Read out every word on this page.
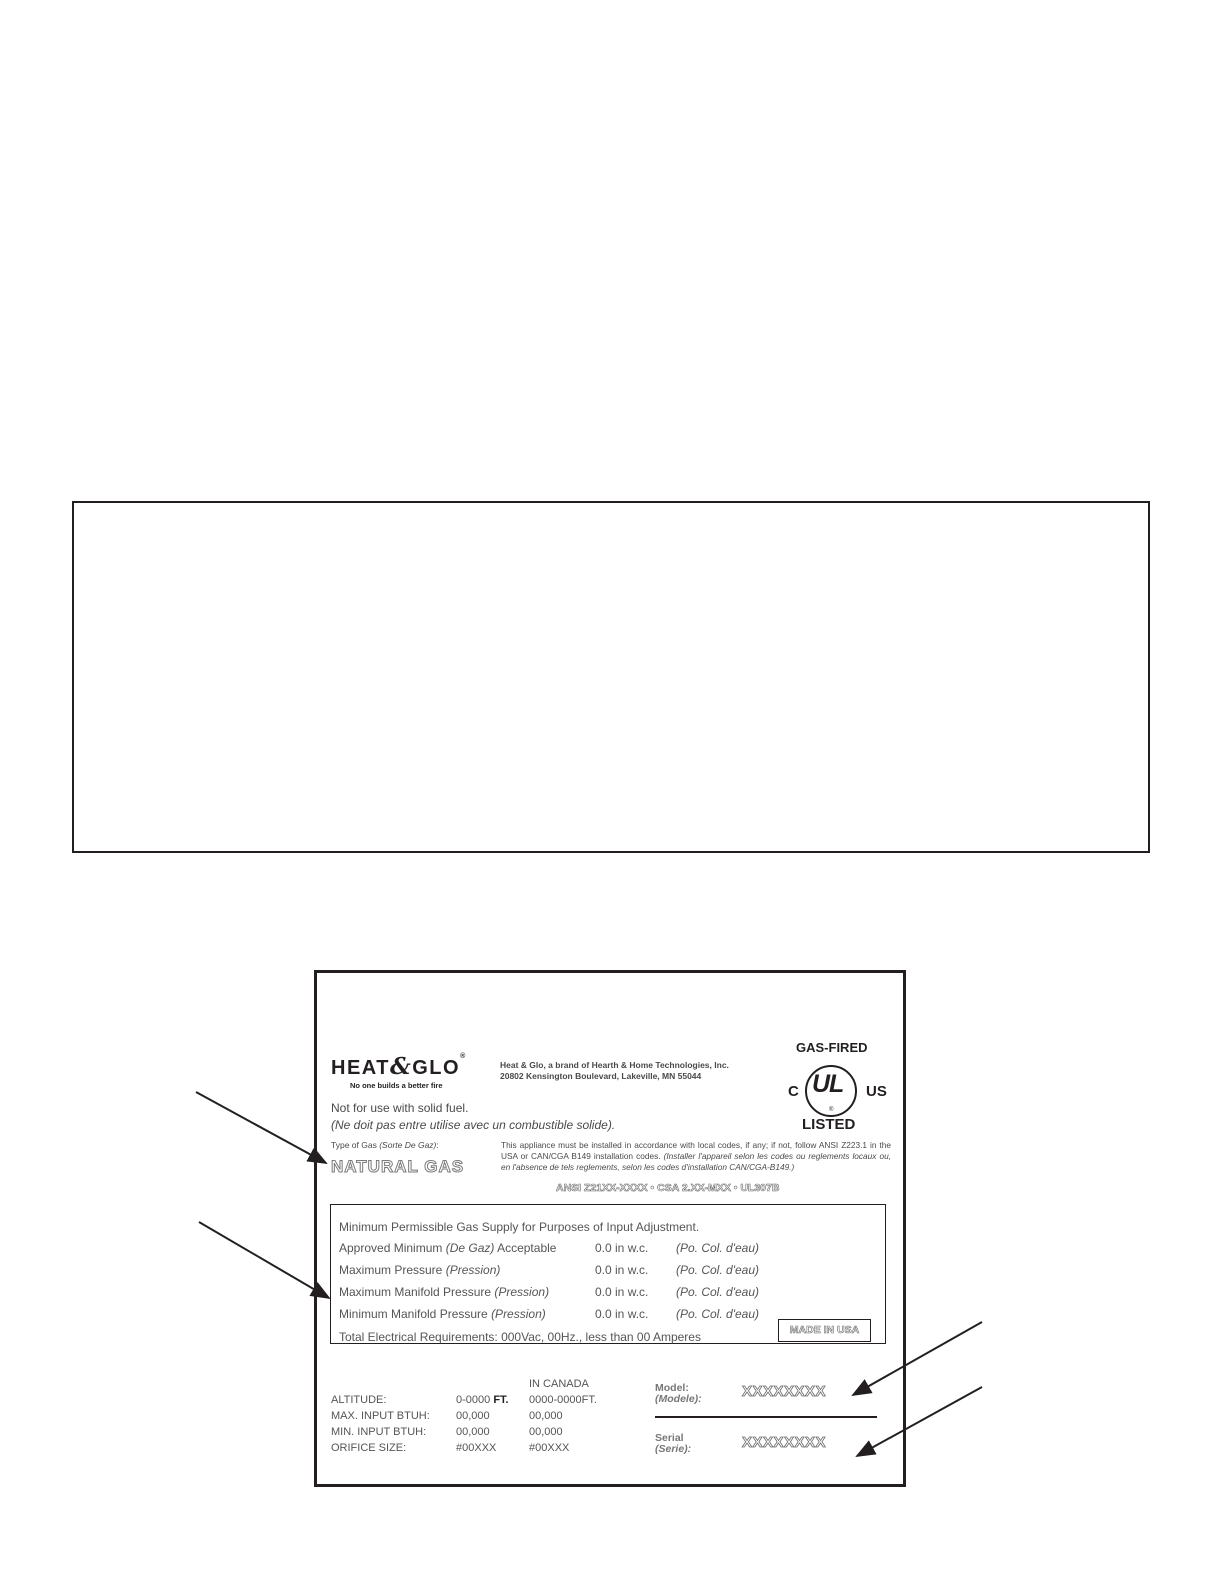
HEAT&GLO®
No one builds a better fire
Heat & Glo, a brand of Hearth & Home Technologies, Inc.
20802 Kensington Boulevard, Lakeville, MN 55044
GAS-FIRED
C UL
®
US
LISTED
Not for use with solid fuel.
(Ne doit pas entre utilise avec un combustible solide).
Type of Gas (Sorte De Gaz):
NATURAL GAS
This appliance must be installed in accordance with local codes, if any; if not, follow ANSI Z223.1 in the USA or CAN/CGA B149 installation codes. (Installer l'appareil selon les codes ou reglements locaux ou, en l'absence de tels reglements, selon les codes d'installation CAN/CGA-B149.)
ANSI Z21XX-XXXX • CSA 2.XX-MXX • UL307B
Minimum Permissible Gas Supply for Purposes of Input Adjustment.
Approved Minimum (De Gaz) Acceptable	0.0 in w.c. (Po. Col. d'eau)
Maximum Pressure (Pression)	0.0 in w.c. (Po. Col. d'eau)
Maximum Manifold Pressure (Pression)	0.0 in w.c. (Po. Col. d'eau)
Minimum Manifold Pressure (Pression)	0.0 in w.c. (Po. Col. d'eau)
Total Electrical Requirements: 000Vac, 00Hz., less than 00 Amperes	MADE IN USA
IN CANADA
ALTITUDE:	0-0000 FT. 0000-0000FT.
MAX. INPUT BTUH: 00,000	00,000
MIN. INPUT BTUH:	00,000	00,000
ORIFICE SIZE:	#00XXX	#00XXX
Model:
(Modele):	XXXXXXXX
Serial
(Serie):	XXXXXXXX
